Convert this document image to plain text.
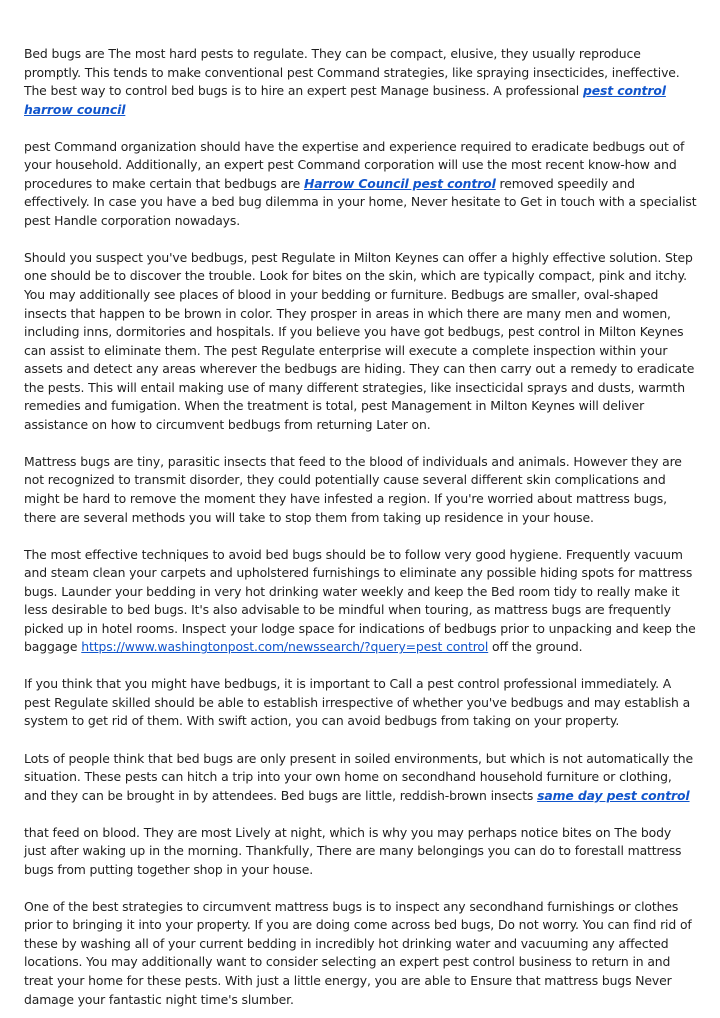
Bed bugs are The most hard pests to regulate. They can be compact, elusive, they usually reproduce promptly. This tends to make conventional pest Command strategies, like spraying insecticides, ineffective. The best way to control bed bugs is to hire an expert pest Manage business. A professional pest control harrow council

pest Command organization should have the expertise and experience required to eradicate bedbugs out of your household. Additionally, an expert pest Command corporation will use the most recent know-how and procedures to make certain that bedbugs are Harrow Council pest control removed speedily and effectively. In case you have a bed bug dilemma in your home, Never hesitate to Get in touch with a specialist pest Handle corporation nowadays.

Should you suspect you've bedbugs, pest Regulate in Milton Keynes can offer a highly effective solution. Step one should be to discover the trouble. Look for bites on the skin, which are typically compact, pink and itchy. You may additionally see places of blood in your bedding or furniture. Bedbugs are smaller, oval-shaped insects that happen to be brown in color. They prosper in areas in which there are many men and women, including inns, dormitories and hospitals. If you believe you have got bedbugs, pest control in Milton Keynes can assist to eliminate them. The pest Regulate enterprise will execute a complete inspection within your assets and detect any areas wherever the bedbugs are hiding. They can then carry out a remedy to eradicate the pests. This will entail making use of many different strategies, like insecticidal sprays and dusts, warmth remedies and fumigation. When the treatment is total, pest Management in Milton Keynes will deliver assistance on how to circumvent bedbugs from returning Later on.

Mattress bugs are tiny, parasitic insects that feed to the blood of individuals and animals. However they are not recognized to transmit disorder, they could potentially cause several different skin complications and might be hard to remove the moment they have infested a region. If you're worried about mattress bugs, there are several methods you will take to stop them from taking up residence in your house.

The most effective techniques to avoid bed bugs should be to follow very good hygiene. Frequently vacuum and steam clean your carpets and upholstered furnishings to eliminate any possible hiding spots for mattress bugs. Launder your bedding in very hot drinking water weekly and keep the Bed room tidy to really make it less desirable to bed bugs. It's also advisable to be mindful when touring, as mattress bugs are frequently picked up in hotel rooms. Inspect your lodge space for indications of bedbugs prior to unpacking and keep the baggage https://www.washingtonpost.com/newssearch/?query=pest control off the ground.

If you think that you might have bedbugs, it is important to Call a pest control professional immediately. A pest Regulate skilled should be able to establish irrespective of whether you've bedbugs and may establish a system to get rid of them. With swift action, you can avoid bedbugs from taking on your property.

Lots of people think that bed bugs are only present in soiled environments, but which is not automatically the situation. These pests can hitch a trip into your own home on secondhand household furniture or clothing, and they can be brought in by attendees. Bed bugs are little, reddish-brown insects same day pest control

that feed on blood. They are most Lively at night, which is why you may perhaps notice bites on The body just after waking up in the morning. Thankfully, There are many belongings you can do to forestall mattress bugs from putting together shop in your house.

One of the best strategies to circumvent mattress bugs is to inspect any secondhand furnishings or clothes prior to bringing it into your property. If you are doing come across bed bugs, Do not worry. You can find rid of these by washing all of your current bedding in incredibly hot drinking water and vacuuming any affected locations. You may additionally want to consider selecting an expert pest control business to return in and treat your home for these pests. With just a little energy, you are able to Ensure that mattress bugs Never damage your fantastic night time's slumber.
